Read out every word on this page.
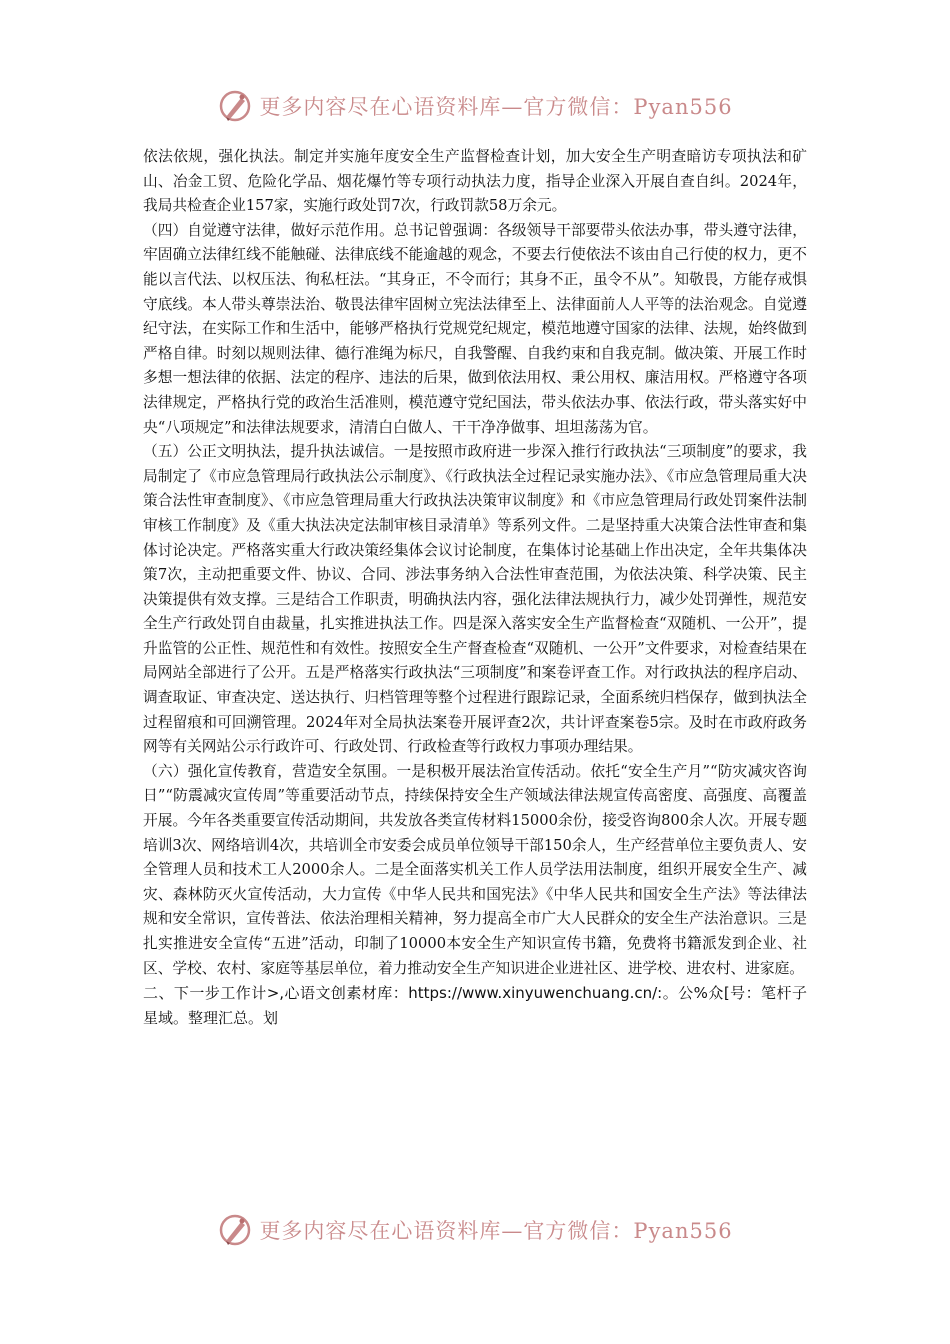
更多内容尽在心语资料库—官方微信：Pyan556

依法依规，强化执法。制定并实施年度安全生产监督检查计划，加大安全生产明查暗访专项执法和矿山、冶金工贸、危险化学品、烟花爆竹等专项行动执法力度，指导企业深入开展自查自纠。2024年，我局共检查企业157家，实施行政处罚7次，行政罚款58万余元。

（四）自觉遵守法律，做好示范作用。总书记曾强调：各级领导干部要带头依法办事，带头遵守法律，牢固确立法律红线不能触碰、法律底线不能逾越的观念，不要去行使依法不该由自己行使的权力，更不能以言代法、以权压法、徇私枉法。“其身正，不令而行；其身不正，虽令不从”。知敬畏，方能存戒惧守底线。本人带头尊崇法治、敬畏法律牢固树立宪法法律至上、法律面前人人平等的法治观念。自觉遵纪守法，在实际工作和生活中，能够严格执行党规党纪规定，模范地遵守国家的法律、法规，始终做到严格自律。时刻以规则法律、德行准绳为标尺，自我警醒、自我约束和自我克制。做决策、开展工作时多想一想法律的依据、法定的程序、违法的后果，做到依法用权、秉公用权、廉洁用权。严格遵守各项法律规定，严格执行党的政治生活准则，模范遵守党纪国法，带头依法办事、依法行政，带头落实好中央“八项规定”和法律法规要求，清清白白做人、干干净净做事、坦坦荡荡为官。

（五）公正文明执法，提升执法诚信。一是按照市政府进一步深入推行行政执法“三项制度”的要求，我局制定了《市应急管理局行政执法公示制度》、《行政执法全过程记录实施办法》、《市应急管理局重大决策合法性审查制度》、《市应急管理局重大行政执法决策审议制度》和《市应急管理局行政处罚案件法制审核工作制度》及《重大执法决定法制审核目录清单》等系列文件。二是坚持重大决策合法性审查和集体讨论决定。严格落实重大行政决策经集体会议讨论制度，在集体讨论基础上作出决定，全年共集体决策7次，主动把重要文件、协议、合同、涉法事务纳入合法性审查范围，为依法决策、科学决策、民主决策提供有效支撑。三是结合工作职责，明确执法内容，强化法律法规执行力，减少处罚弹性，规范安全生产行政处罚自由裁量，扎实推进执法工作。四是深入落实安全生产监督检查“双随机、一公开”，提升监管的公正性、规范性和有效性。按照安全生产督查检查“双随机、一公开”文件要求，对检查结果在局网站全部进行了公开。五是严格落实行政执法“三项制度”和案卷评查工作。对行政执法的程序启动、调查取证、审查决定、送达执行、归档管理等整个过程进行跟踪记录，全面系统归档保存，做到执法全过程留痕和可回溯管理。2024年对全局执法案卷开展评查2次，共计评查案卷5宗。及时在市政府政务网等有关网站公示行政许可、行政处罚、行政检查等行政权力事项办理结果。

（六）强化宣传教育，营造安全氛围。一是积极开展法治宣传活动。依托“安全生产月”“防灾减灾咨询日”“防震减灾宣传周”等重要活动节点，持续保持安全生产领域法律法规宣传高密度、高强度、高覆盖开展。今年各类重要宣传活动期间，共发放各类宣传材料15000余份，接受咨询800余人次。开展专题培训3次、网络培训4次，共培训全市安委会成员单位领导干部150余人，生产经营单位主要负责人、安全管理人员和技术工人2000余人。二是全面落实机关工作人员学法用法制度，组织开展安全生产、减灾、森林防灭火宣传活动，大力宣传《中华人民共和国宪法》《中华人民共和国安全生产法》等法律法规和安全常识，宣传普法、依法治理相关精神，努力提高全市广大人民群众的安全生产法治意识。三是扎实推进安全宣传“五进”活动，印制了10000本安全生产知识宣传书籍，免费将书籍派发到企业、社区、学校、农村、家庭等基层单位，着力推动安全生产知识进企业进社区、进学校、进农村、进家庭。

二、下一步工作计>,心语文创素材库：https://www.xinyuwenchuang.cn/:。公%众[号：笔杆子星域。整理汇总。划

更多内容尽在心语资料库—官方微信：Pyan556
